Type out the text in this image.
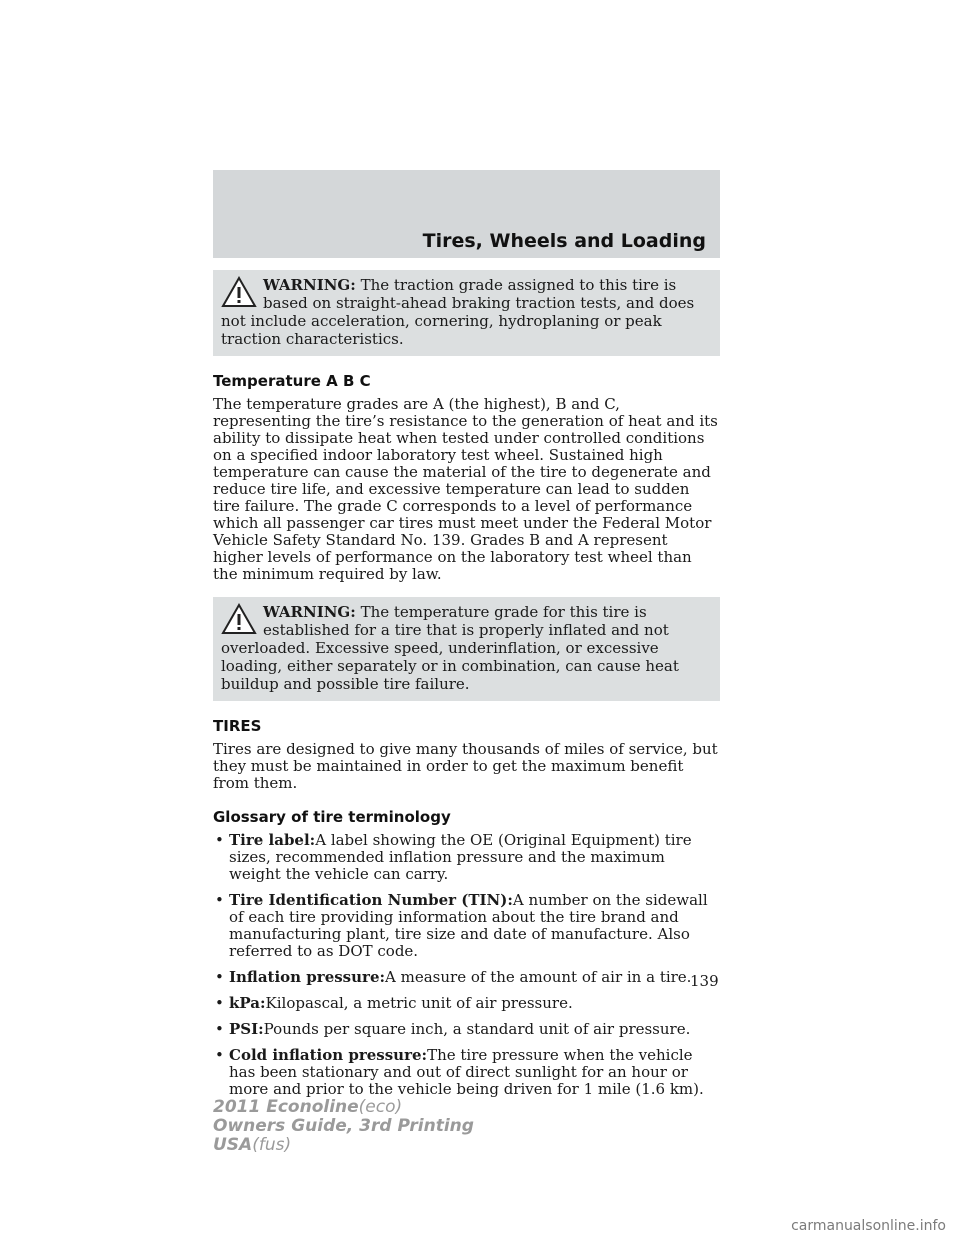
Tires, Wheels and Loading
WARNING: The traction grade assigned to this tire is based on straight-ahead braking traction tests, and does not include acceleration, cornering, hydroplaning or peak traction characteristics.
Temperature A B C

The temperature grades are A (the highest), B and C, representing the tire’s resistance to the generation of heat and its ability to dissipate heat when tested under controlled conditions on a specified indoor laboratory test wheel. Sustained high temperature can cause the material of the tire to degenerate and reduce tire life, and excessive temperature can lead to sudden tire failure. The grade C corresponds to a level of performance which all passenger car tires must meet under the Federal Motor Vehicle Safety Standard No. 139. Grades B and A represent higher levels of performance on the laboratory test wheel than the minimum required by law.

WARNING: The temperature grade for this tire is established for a tire that is properly inflated and not overloaded. Excessive speed, underinflation, or excessive loading, either separately or in combination, can cause heat buildup and possible tire failure.
TIRES

Tires are designed to give many thousands of miles of service, but they must be maintained in order to get the maximum benefit from them.

Glossary of tire terminology
• Tire label:A label showing the OE (Original Equipment) tire sizes, recommended inflation pressure and the maximum weight the vehicle can carry.
• Tire Identification Number (TIN):A number on the sidewall of each tire providing information about the tire brand and manufacturing plant, tire size and date of manufacture. Also referred to as DOT code.
• Inflation pressure:A measure of the amount of air in a tire.
• kPa:Kilopascal, a metric unit of air pressure.
• PSI:Pounds per square inch, a standard unit of air pressure.
• Cold inflation pressure:The tire pressure when the vehicle has been stationary and out of direct sunlight for an hour or more and prior to the vehicle being driven for 1 mile (1.6 km).
139
2011 Econoline(eco)
Owners Guide, 3rd Printing
USA(fus)
carmanualsonline.info
